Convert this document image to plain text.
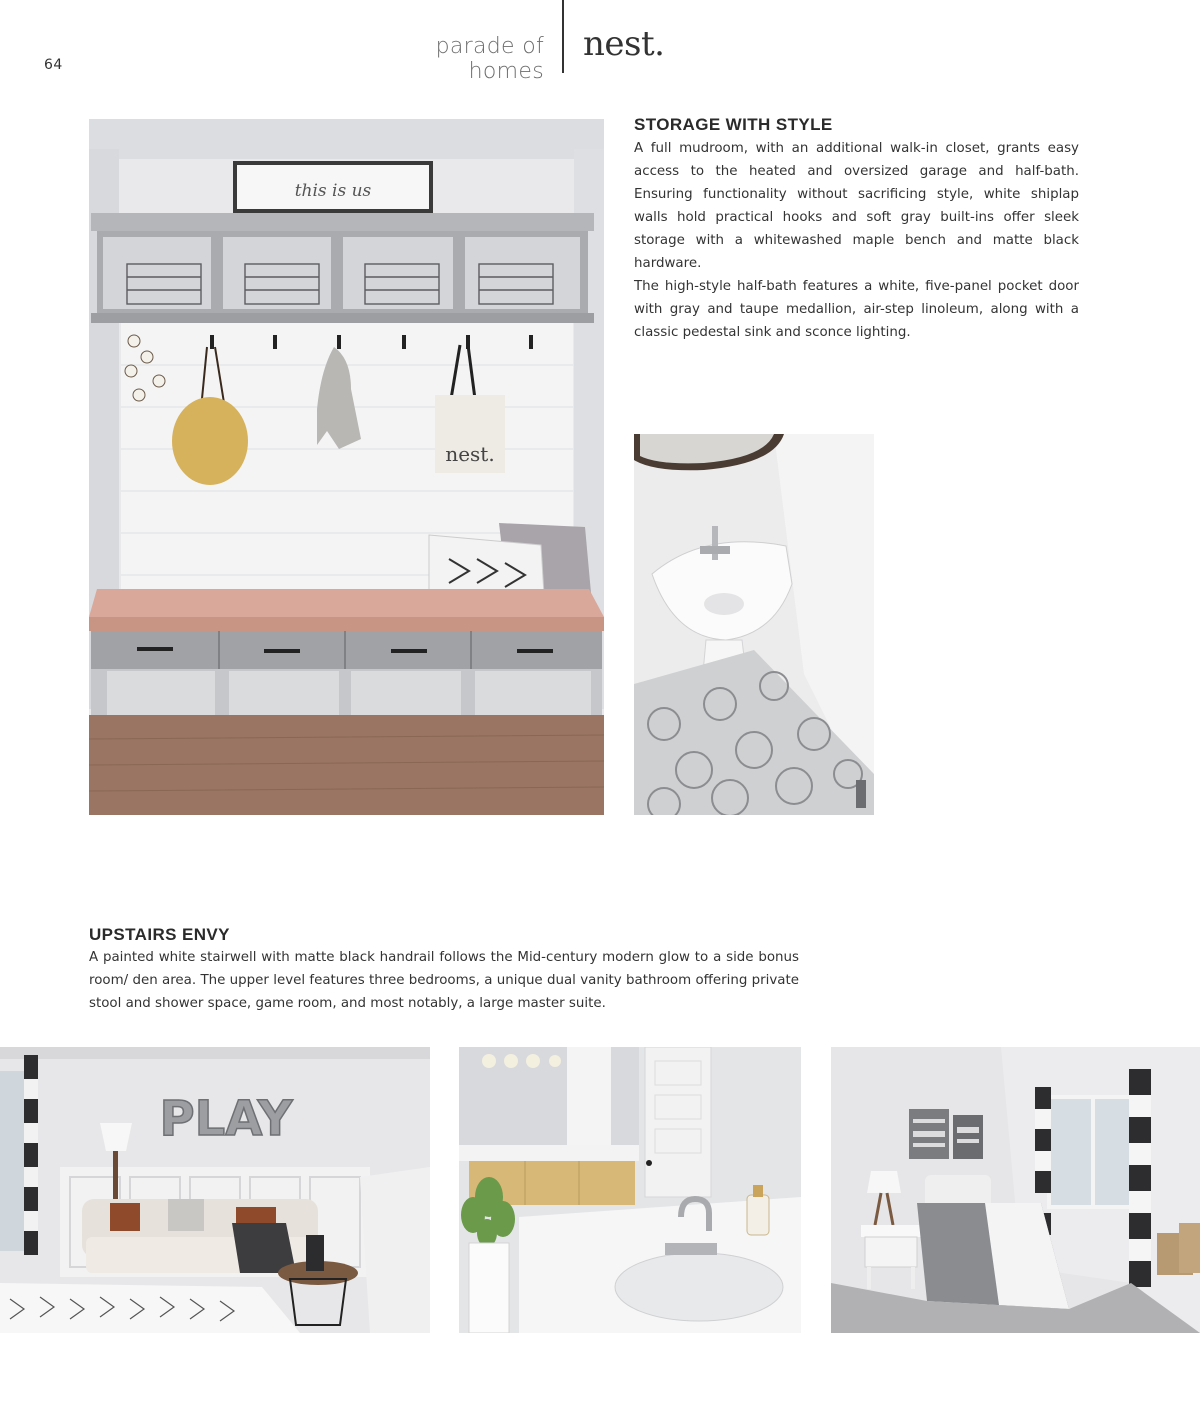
64
parade of homes
nest.
this is us
nest.
STORAGE WITH STYLE

A full mudroom, with an additional walk-in closet, grants easy access to the heated and oversized garage and half-bath. Ensuring functionality without sacrificing style, white shiplap walls hold practical hooks and soft gray built-ins offer sleek storage with a whitewashed maple bench and matte black hardware.

The high-style half-bath features a white, five-panel pocket door with gray and taupe medallion, air-step linoleum, along with a classic pedestal sink and sconce lighting.

UPSTAIRS ENVY

A painted white stairwell with matte black handrail follows the Mid-century modern glow to a side bonus room/ den area. The upper level features three bedrooms, a unique dual vanity bathroom offering private stool and shower space, game room, and most notably, a large master suite.

PLAY
